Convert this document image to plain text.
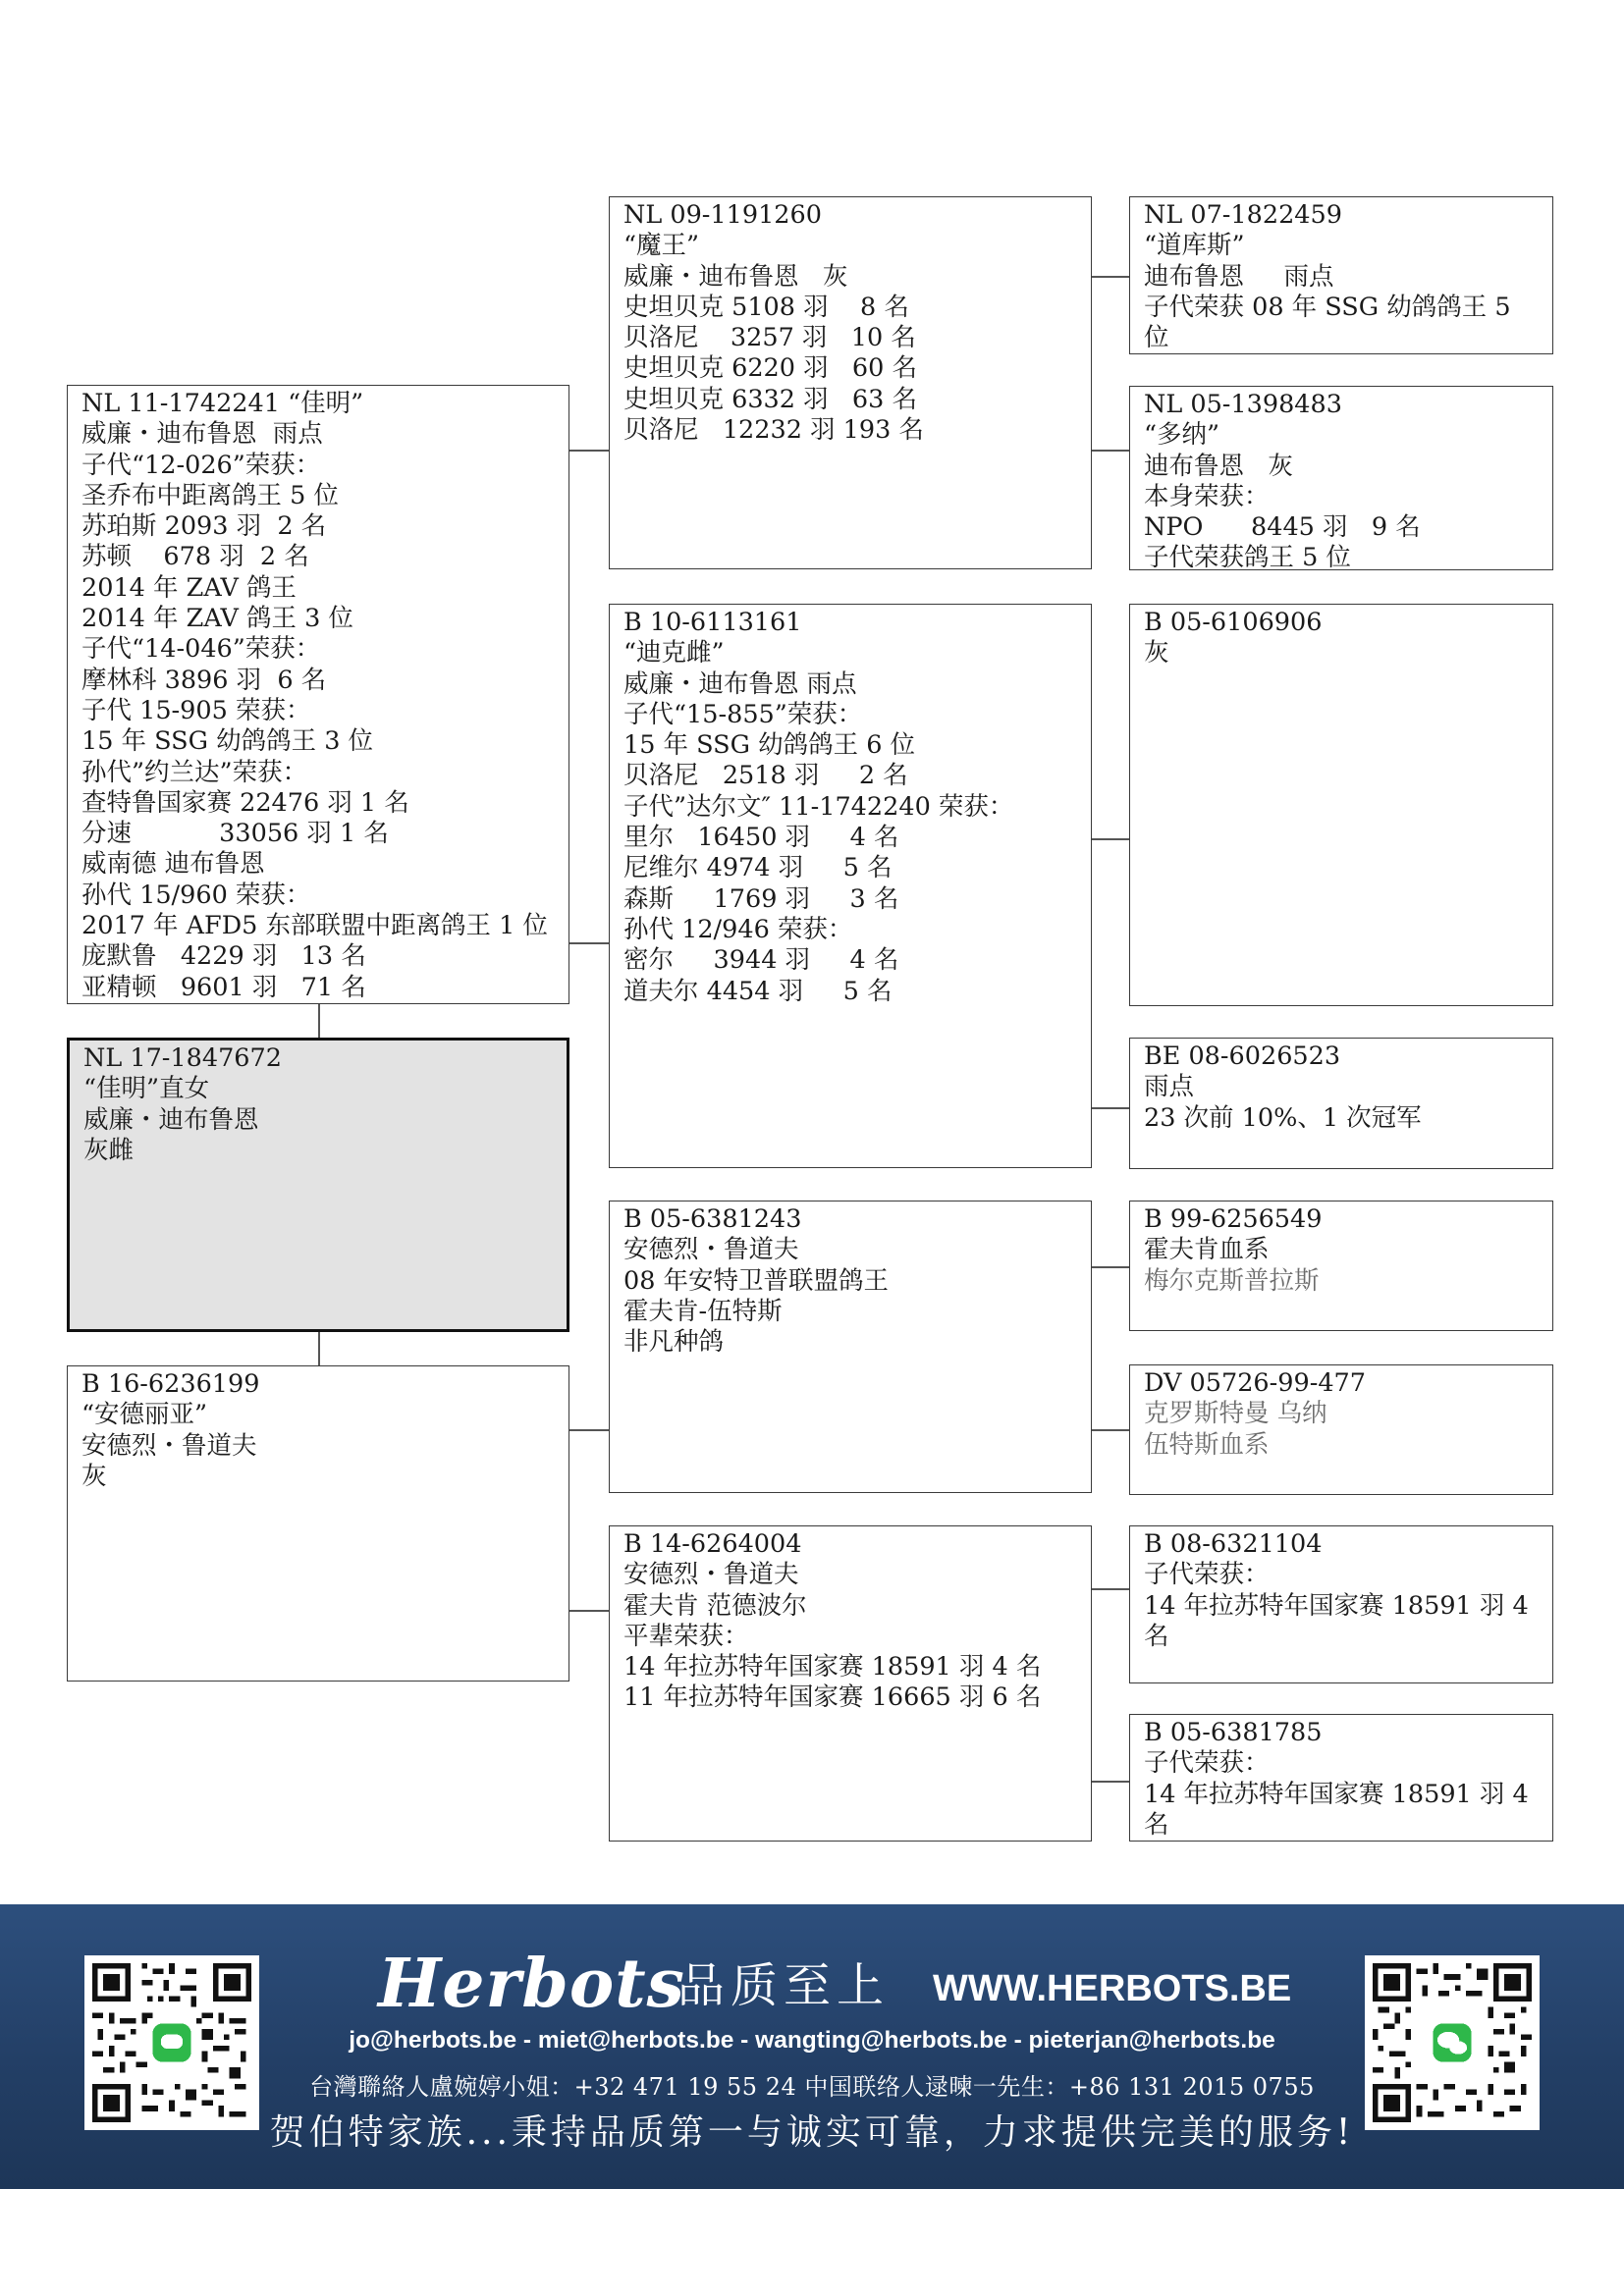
NL 09-1191260
“魔王”
威廉・迪布鲁恩   灰
史坦贝克 5108 羽    8 名
贝洛尼    3257 羽   10 名
史坦贝克 6220 羽   60 名
史坦贝克 6332 羽   63 名
贝洛尼   12232 羽 193 名
B 10-6113161
“迪克雌”
威廉・迪布鲁恩 雨点
子代“15-855”荣获：
15 年 SSG 幼鸽鸽王 6 位
贝洛尼   2518 羽     2 名
子代”达尔文″ 11-1742240 荣获：
里尔   16450 羽     4 名
尼维尔 4974 羽     5 名
森斯     1769 羽     3 名
孙代 12/946 荣获：
密尔     3944 羽     4 名
道夫尔 4454 羽     5 名
B 05-6381243
安德烈・鲁道夫
08 年安特卫普联盟鸽王
霍夫肯-伍特斯
非凡种鸽
B 14-6264004
安德烈・鲁道夫
霍夫肯 范德波尔
平辈荣获：
14 年拉苏特年国家赛 18591 羽 4 名
11 年拉苏特年国家赛 16665 羽 6 名
NL 11-1742241 “佳明”
威廉・迪布鲁恩  雨点
子代“12-026”荣获：
圣乔布中距离鸽王 5 位
苏珀斯 2093 羽  2 名
苏顿    678 羽  2 名
2014 年 ZAV 鸽王
2014 年 ZAV 鸽王 3 位
子代“14-046”荣获：
摩林科 3896 羽  6 名
子代 15-905 荣获：
15 年 SSG 幼鸽鸽王 3 位
孙代”约兰达”荣获：
查特鲁国家赛 22476 羽 1 名
分速           33056 羽 1 名
威南德 迪布鲁恩
孙代 15/960 荣获：
2017 年 AFD5 东部联盟中距离鸽王 1 位
庞默鲁   4229 羽   13 名
亚精顿   9601 羽   71 名
NL 17-1847672
“佳明”直女
威廉・迪布鲁恩
灰雌
B 16-6236199
“安德丽亚”
安德烈・鲁道夫
灰
NL 07-1822459
“道库斯”
迪布鲁恩     雨点
子代荣获 08 年 SSG 幼鸽鸽王 5 位
NL 05-1398483
“多纳”
迪布鲁恩   灰
本身荣获：
NPO      8445 羽   9 名
子代荣获鸽王 5 位
B 05-6106906
灰
BE 08-6026523
雨点
23 次前 10%、1 次冠军
B 99-6256549
霍夫肯血系
梅尔克斯普拉斯
DV 05726-99-477
克罗斯特曼 乌纳
伍特斯血系
B 08-6321104
子代荣获：
14 年拉苏特年国家赛 18591 羽 4 名
B 05-6381785
子代荣获：
14 年拉苏特年国家赛 18591 羽 4 名
Herbots
品质至上 WWW.HERBOTS.BE
jo@herbots.be - miet@herbots.be - wangting@herbots.be - pieterjan@herbots.be
台灣聯絡人盧婉婷小姐：+32 471 19 55 24 中国联络人逯暕一先生：+86 131 2015 0755
贺伯特家族...秉持品质第一与诚实可靠，力求提供完美的服务!
